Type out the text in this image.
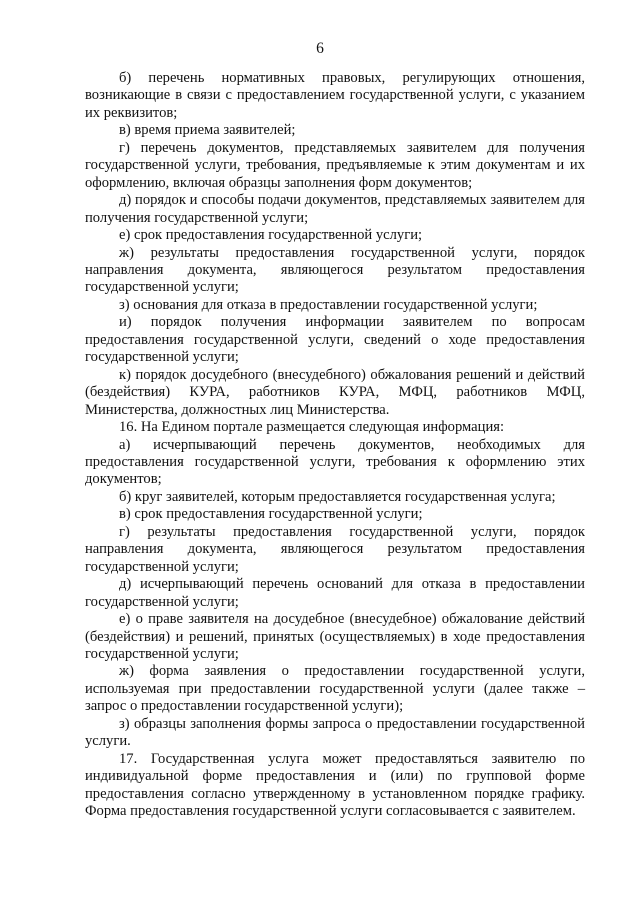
6

б) перечень нормативных правовых, регулирующих отношения, возникающие в связи с предоставлением государственной услуги, с указанием их реквизитов;

в) время приема заявителей;

г) перечень документов, представляемых заявителем для получения государственной услуги, требования, предъявляемые к этим документам и их оформлению, включая образцы заполнения форм документов;

д) порядок и способы подачи документов, представляемых заявителем для получения государственной услуги;

е) срок предоставления государственной услуги;

ж) результаты предоставления государственной услуги, порядок направления документа, являющегося результатом предоставления государственной услуги;

з) основания для отказа в предоставлении государственной услуги;

и) порядок получения информации заявителем по вопросам предоставления государственной услуги, сведений о ходе предоставления государственной услуги;

к) порядок досудебного (внесудебного) обжалования решений и действий (бездействия) КУРА, работников КУРА, МФЦ, работников МФЦ, Министерства, должностных лиц Министерства.

16. На Едином портале размещается следующая информация:

а) исчерпывающий перечень документов, необходимых для предоставления государственной услуги, требования к оформлению этих документов;

б) круг заявителей, которым предоставляется государственная услуга;

в) срок предоставления государственной услуги;

г) результаты предоставления государственной услуги, порядок направления документа, являющегося результатом предоставления государственной услуги;

д) исчерпывающий перечень оснований для отказа в предоставлении государственной услуги;

е) о праве заявителя на досудебное (внесудебное) обжалование действий (бездействия) и решений, принятых (осуществляемых) в ходе предоставления государственной услуги;

ж) форма заявления о предоставлении государственной услуги, используемая при предоставлении государственной услуги (далее также – запрос о предоставлении государственной услуги);

з) образцы заполнения формы запроса о предоставлении государственной услуги.

17. Государственная услуга может предоставляться заявителю по индивидуальной форме предоставления и (или) по групповой форме предоставления согласно утвержденному в установленном порядке графику. Форма предоставления государственной услуги согласовывается с заявителем.
